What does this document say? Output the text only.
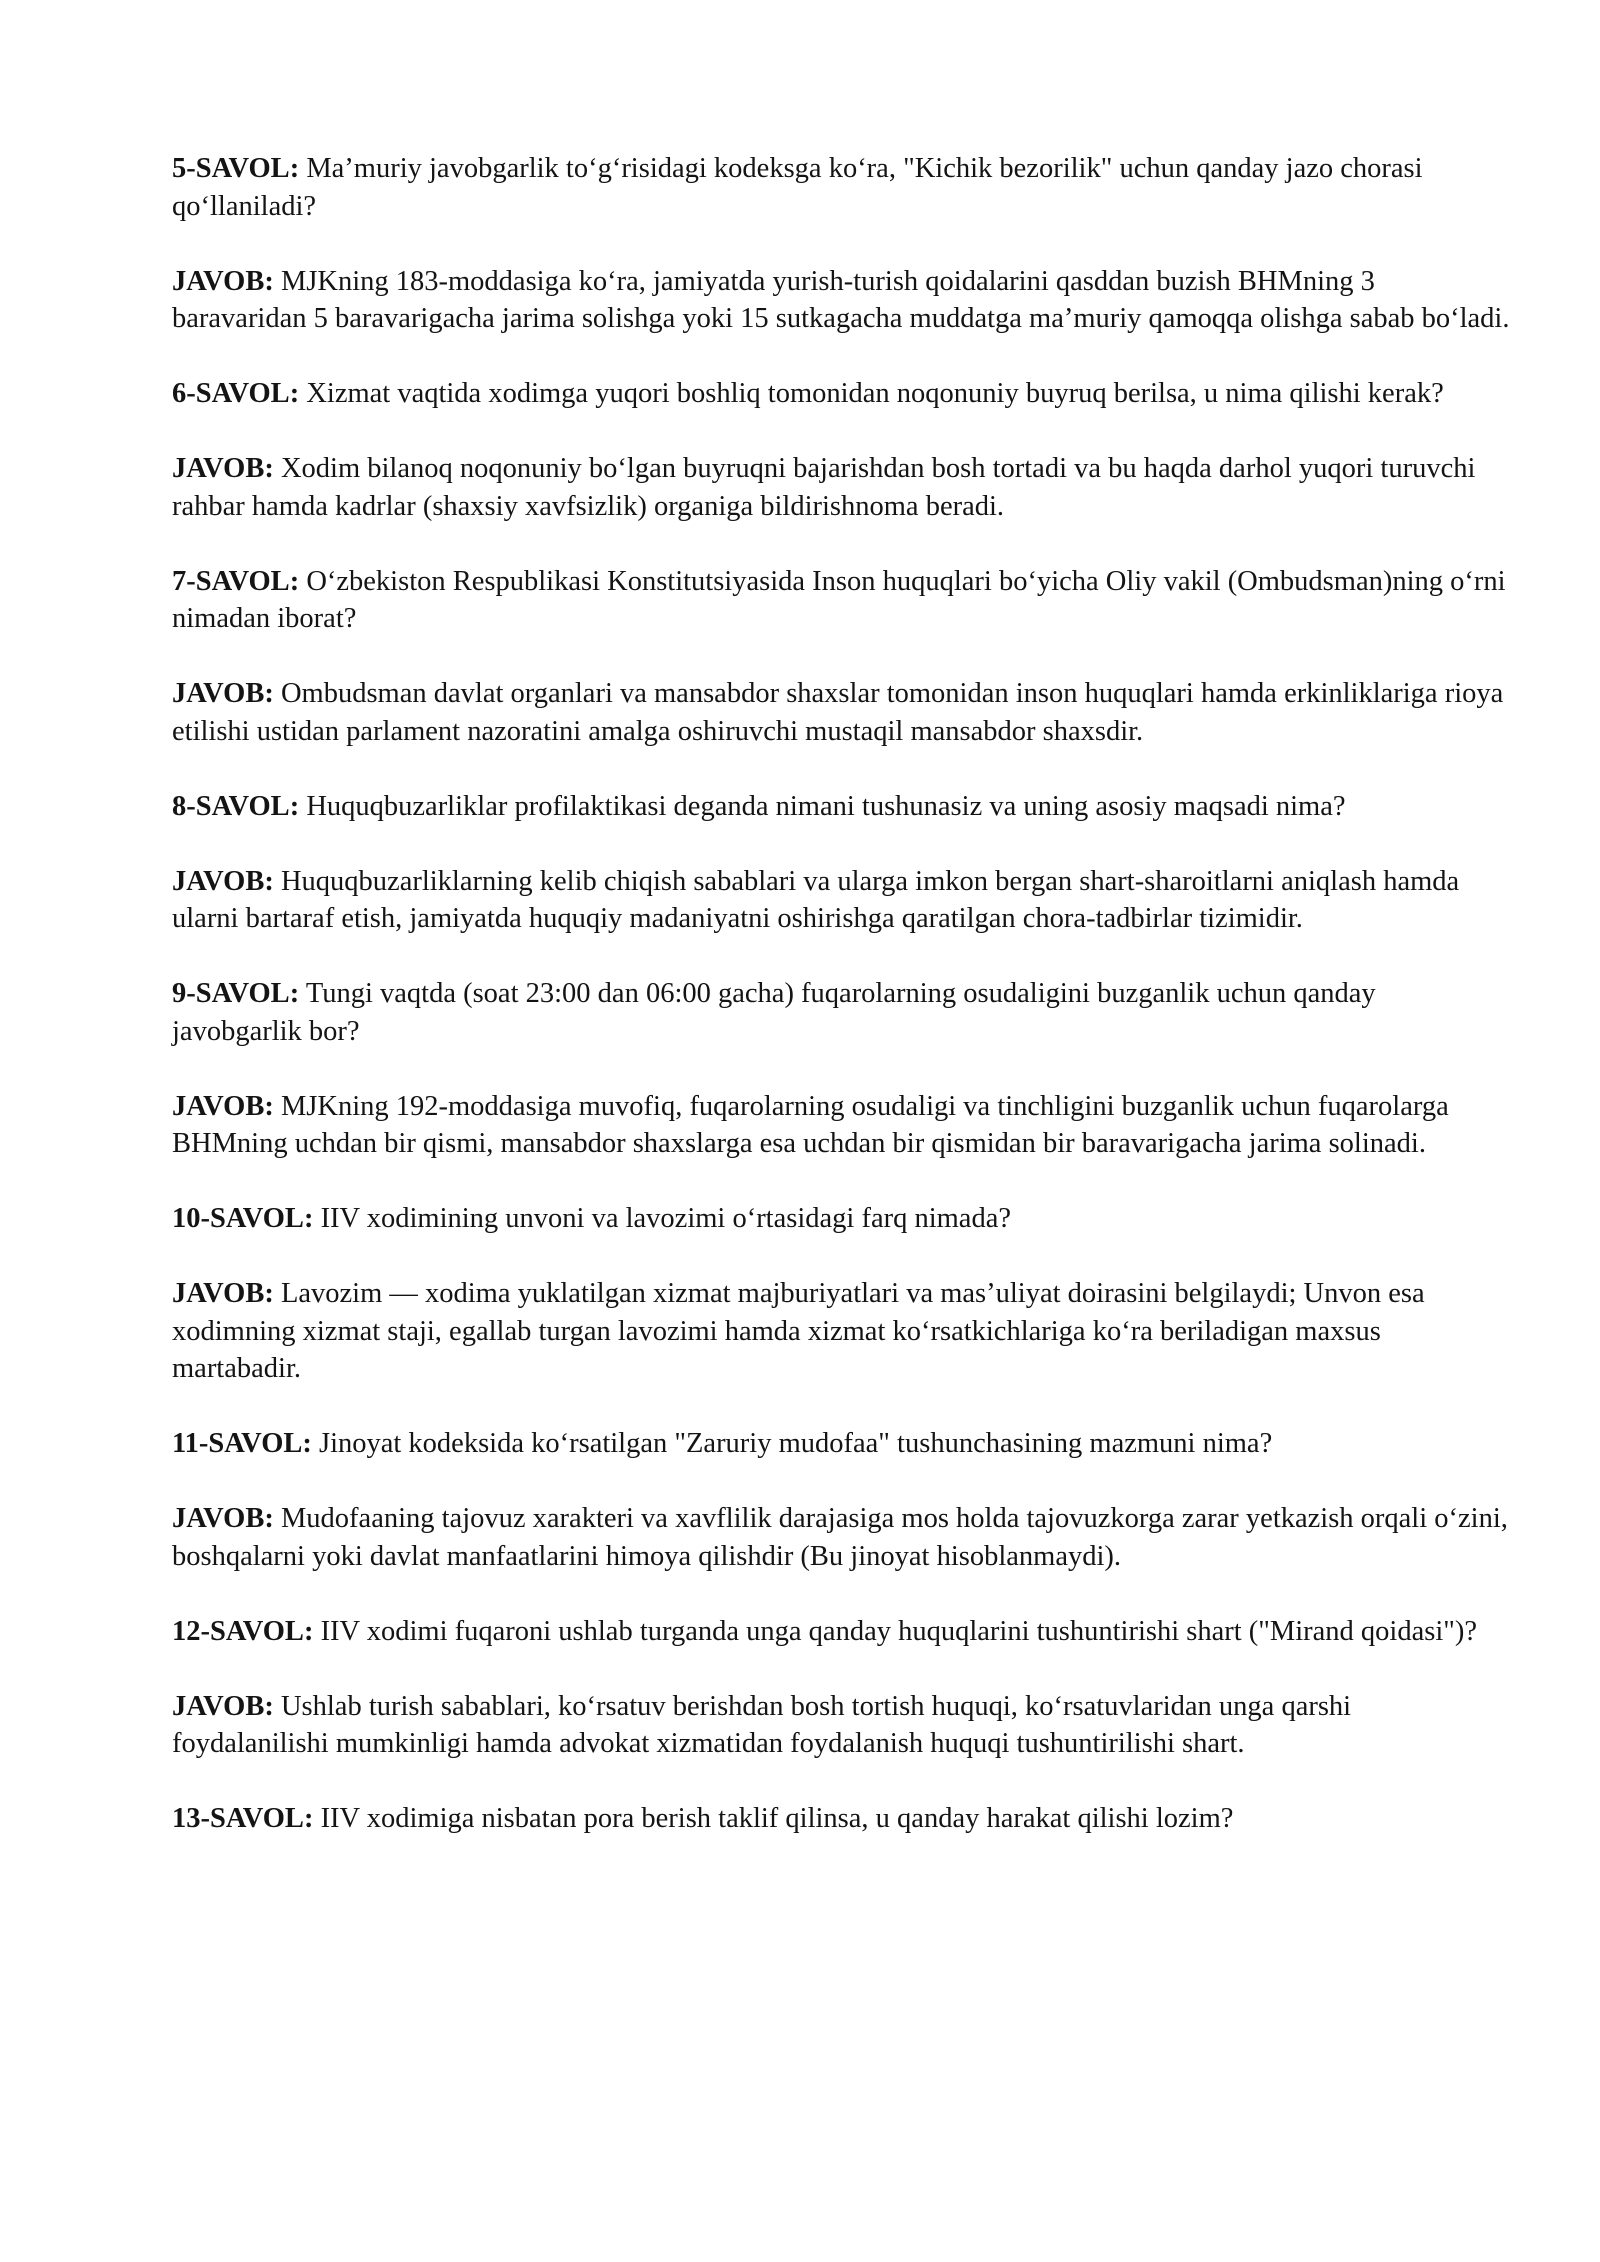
5-SAVOL: Ma’muriy javobgarlik to‘g‘risidagi kodeksga ko‘ra, "Kichik bezorilik" uchun qanday jazo chorasi qo‘llaniladi?

JAVOB: MJKning 183-moddasiga ko‘ra, jamiyatda yurish-turish qoidalarini qasddan buzish BHMning 3 baravaridan 5 baravarigacha jarima solishga yoki 15 sutkagacha muddatga ma’muriy qamoqqa olishga sabab bo‘ladi.

6-SAVOL: Xizmat vaqtida xodimga yuqori boshliq tomonidan noqonuniy buyruq berilsa, u nima qilishi kerak?

JAVOB: Xodim bilanoq noqonuniy bo‘lgan buyruqni bajarishdan bosh tortadi va bu haqda darhol yuqori turuvchi rahbar hamda kadrlar (shaxsiy xavfsizlik) organiga bildirishnoma beradi.

7-SAVOL: O‘zbekiston Respublikasi Konstitutsiyasida Inson huquqlari bo‘yicha Oliy vakil (Ombudsman)ning o‘rni nimadan iborat?

JAVOB: Ombudsman davlat organlari va mansabdor shaxslar tomonidan inson huquqlari hamda erkinliklariga rioya etilishi ustidan parlament nazoratini amalga oshiruvchi mustaqil mansabdor shaxsdir.

8-SAVOL: Huquqbuzarliklar profilaktikasi deganda nimani tushunasiz va uning asosiy maqsadi nima?

JAVOB: Huquqbuzarliklarning kelib chiqish sabablari va ularga imkon bergan shart-sharoitlarni aniqlash hamda ularni bartaraf etish, jamiyatda huquqiy madaniyatni oshirishga qaratilgan chora-tadbirlar tizimidir.

9-SAVOL: Tungi vaqtda (soat 23:00 dan 06:00 gacha) fuqarolarning osudaligini buzganlik uchun qanday javobgarlik bor?

JAVOB: MJKning 192-moddasiga muvofiq, fuqarolarning osudaligi va tinchligini buzganlik uchun fuqarolarga BHMning uchdan bir qismi, mansabdor shaxslarga esa uchdan bir qismidan bir baravarigacha jarima solinadi.

10-SAVOL: IIV xodimining unvoni va lavozimi o‘rtasidagi farq nimada?

JAVOB: Lavozim — xodima yuklatilgan xizmat majburiyatlari va mas’uliyat doirasini belgilaydi; Unvon esa xodimning xizmat staji, egallab turgan lavozimi hamda xizmat ko‘rsatkichlariga ko‘ra beriladigan maxsus martabadir.

11-SAVOL: Jinoyat kodeksida ko‘rsatilgan "Zaruriy mudofaa" tushunchasining mazmuni nima?

JAVOB: Mudofaaning tajovuz xarakteri va xavflilik darajasiga mos holda tajovuzkorga zarar yetkazish orqali o‘zini, boshqalarni yoki davlat manfaatlarini himoya qilishdir (Bu jinoyat hisoblanmaydi).

12-SAVOL: IIV xodimi fuqaroni ushlab turganda unga qanday huquqlarini tushuntirishi shart ("Mirand qoidasi")?

JAVOB: Ushlab turish sabablari, ko‘rsatuv berishdan bosh tortish huquqi, ko‘rsatuvlaridan unga qarshi foydalanilishi mumkinligi hamda advokat xizmatidan foydalanish huquqi tushuntirilishi shart.

13-SAVOL: IIV xodimiga nisbatan pora berish taklif qilinsa, u qanday harakat qilishi lozim?
